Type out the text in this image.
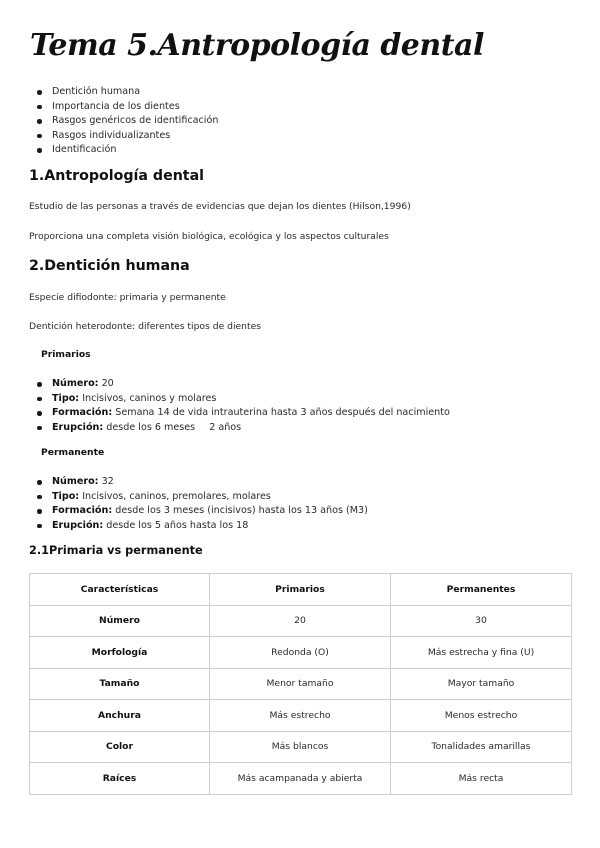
Tema 5.Antropología dental
Dentición humana
Importancia de los dientes
Rasgos genéricos de identificación
Rasgos individualizantes
Identificación
1.Antropología dental
Estudio de las personas a través de evidencias que dejan los dientes (Hilson,1996)
Proporciona una completa visión biológica, ecológica y los aspectos culturales
2.Dentición humana
Especie difiodonte: primaria y permanente
Dentición heterodonte: diferentes tipos de dientes
Primarios
Número: 20
Tipo: Incisivos, caninos y molares
Formación: Semana 14 de vida intrauterina hasta 3 años después del nacimiento
Erupción: desde los 6 meses 2 años
Permanente
Número: 32
Tipo: Incisivos, caninos, premolares, molares
Formación: desde los 3 meses (incisivos) hasta los 13 años (M3)
Erupción: desde los 5 años hasta los 18
2.1Primaria vs permanente
Características	Primarios	Permanentes
Número	20	30
Morfología	Redonda (O)	Más estrecha y fina (U)
Tamaño	Menor tamaño	Mayor tamaño
Anchura	Más estrecho	Menos estrecho
Color	Más blancos	Tonalidades amarillas
Raíces	Más acampanada y abierta	Más recta
